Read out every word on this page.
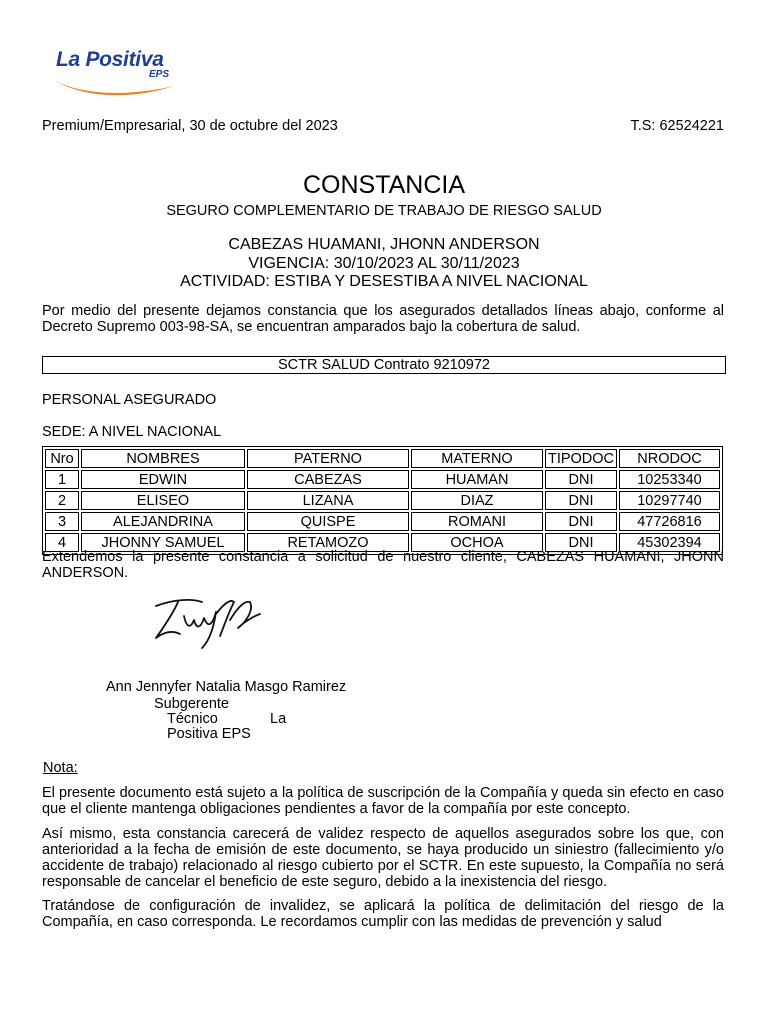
La Positiva
EPS
Premium/Empresarial, 30 de octubre del 2023	T.S: 62524221
CONSTANCIA
SEGURO COMPLEMENTARIO DE TRABAJO DE RIESGO SALUD
CABEZAS HUAMANI, JHONN ANDERSON
VIGENCIA: 30/10/2023 AL 30/11/2023
ACTIVIDAD: ESTIBA Y DESESTIBA A NIVEL NACIONAL
Por medio del presente dejamos constancia que los asegurados detallados líneas abajo, conforme al Decreto Supremo 003-98-SA, se encuentran amparados bajo la cobertura de salud.
SCTR SALUD Contrato 9210972
PERSONAL ASEGURADO
SEDE: A NIVEL NACIONAL
Nro	NOMBRES	PATERNO	MATERNO	TIPODOC	NRODOC
1	EDWIN	CABEZAS	HUAMAN	DNI	10253340
2	ELISEO	LIZANA	DIAZ	DNI	10297740
3	ALEJANDRINA	QUISPE	ROMANI	DNI	47726816
4	JHONNY SAMUEL	RETAMOZO	OCHOA	DNI	45302394
Extendemos la presente constancia a solicitud de nuestro cliente, CABEZAS HUAMANI, JHONN ANDERSON.
Ann Jennyfer Natalia Masgo Ramirez
Subgerente
Técnico	La
Positiva EPS
Nota:
El presente documento está sujeto a la política de suscripción de la Compañía y queda sin efecto en caso que el cliente mantenga obligaciones pendientes a favor de la compañía por este concepto.
Así mismo, esta constancia carecerá de validez respecto de aquellos asegurados sobre los que, con anterioridad a la fecha de emisión de este documento, se haya producido un siniestro (fallecimiento y/o accidente de trabajo) relacionado al riesgo cubierto por el SCTR. En este supuesto, la Compañía no será responsable de cancelar el beneficio de este seguro, debido a la inexistencia del riesgo.
Tratándose de configuración de invalidez, se aplicará la política de delimitación del riesgo de la Compañía, en caso corresponda. Le recordamos cumplir con las medidas de prevención y salud
